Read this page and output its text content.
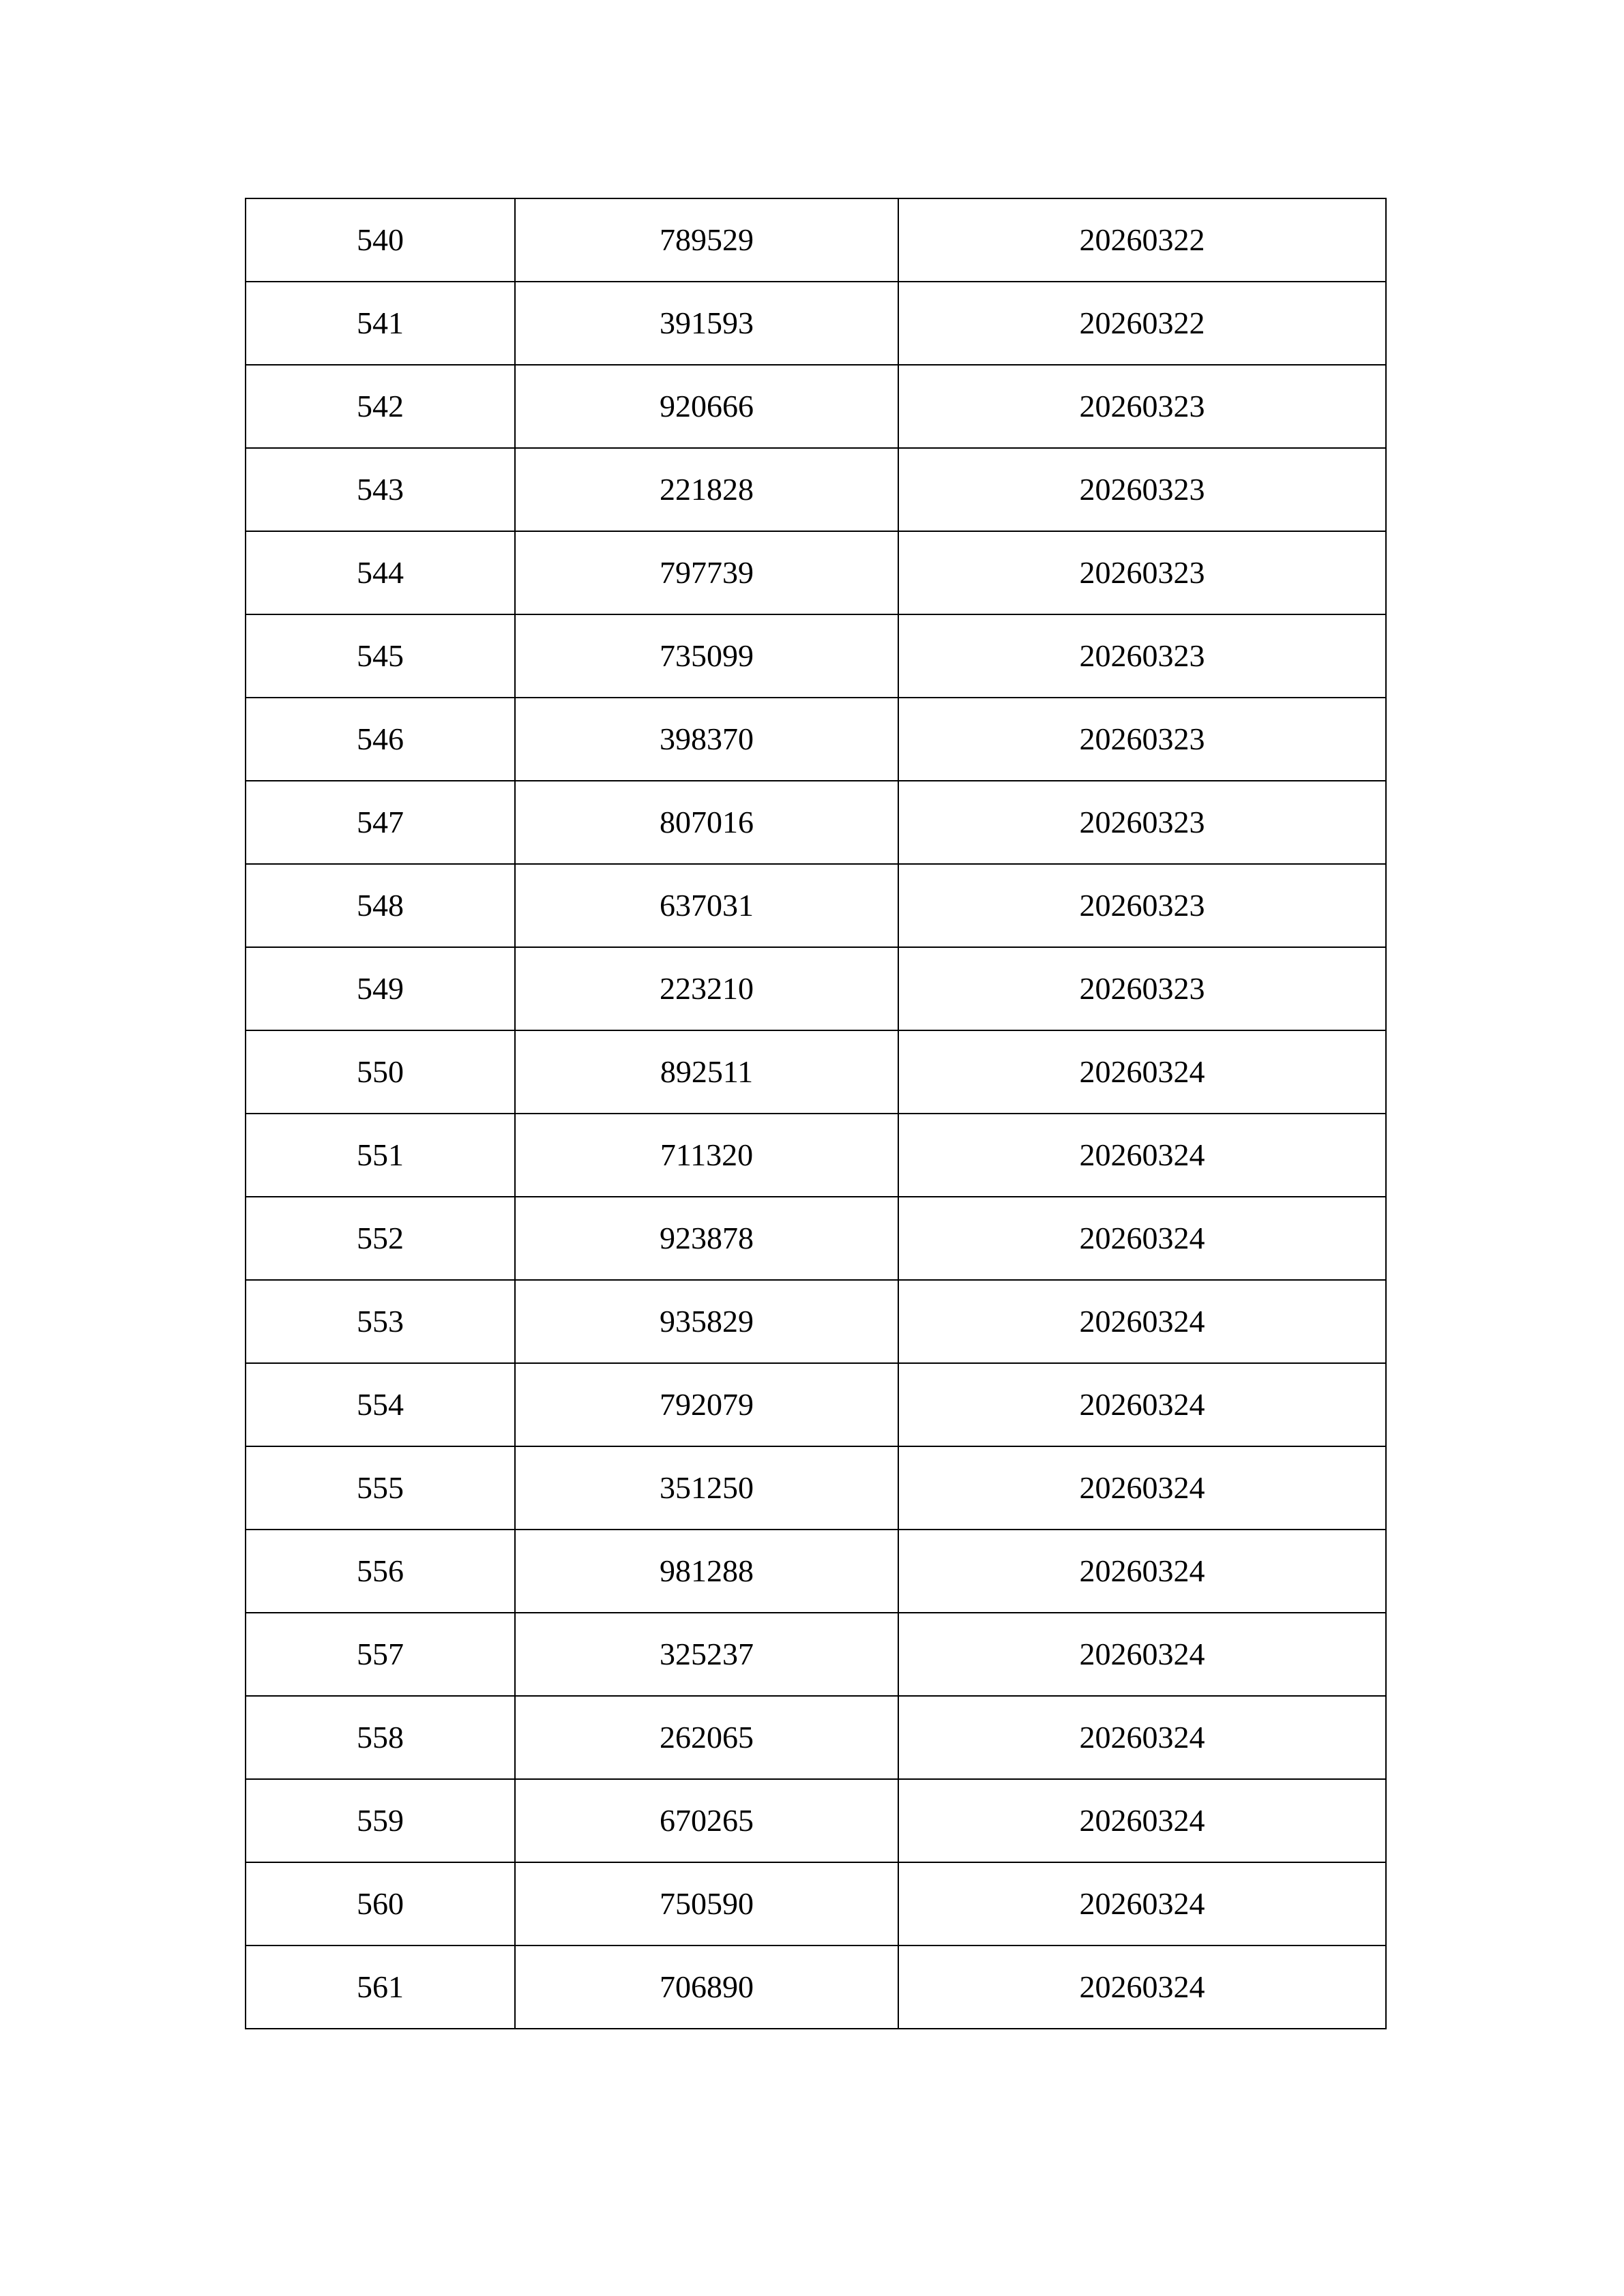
540	789529	20260322
541	391593	20260322
542	920666	20260323
543	221828	20260323
544	797739	20260323
545	735099	20260323
546	398370	20260323
547	807016	20260323
548	637031	20260323
549	223210	20260323
550	892511	20260324
551	711320	20260324
552	923878	20260324
553	935829	20260324
554	792079	20260324
555	351250	20260324
556	981288	20260324
557	325237	20260324
558	262065	20260324
559	670265	20260324
560	750590	20260324
561	706890	20260324
